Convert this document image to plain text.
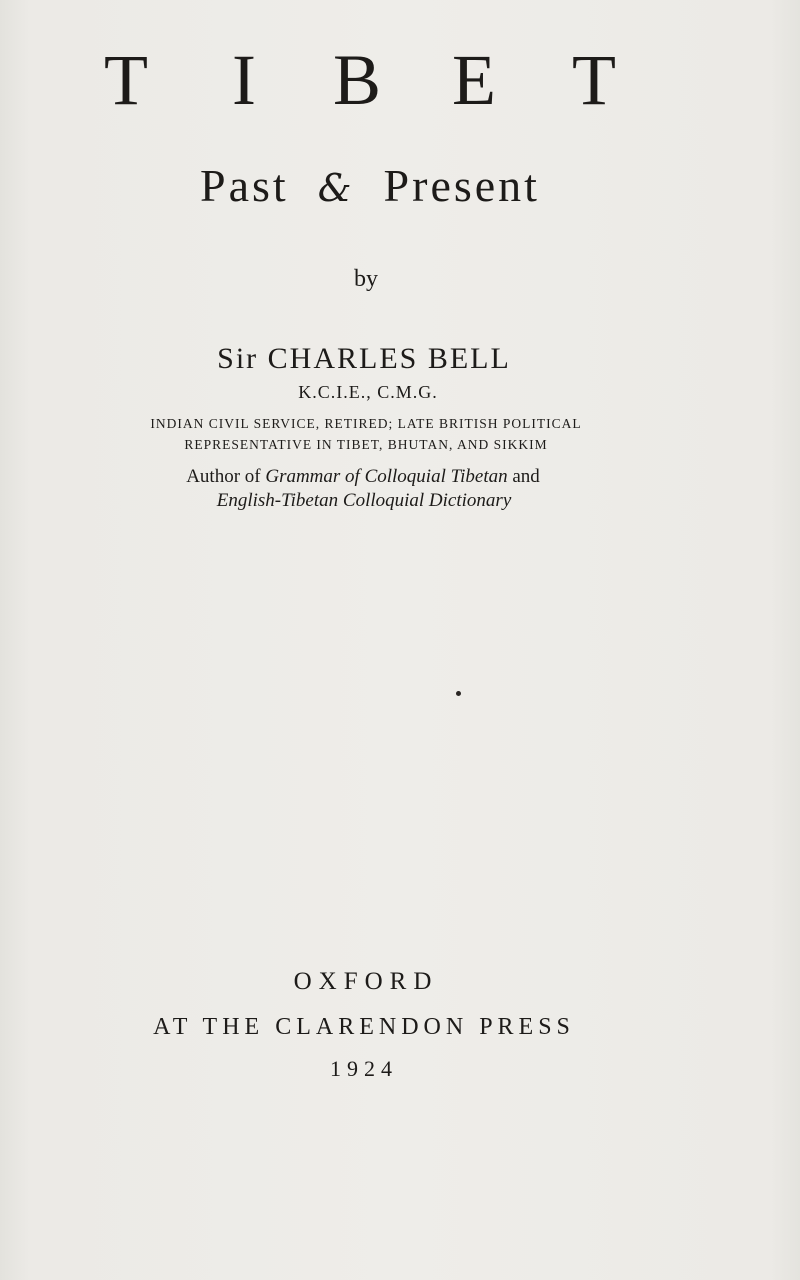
T I B E T
Past & Present
by
Sir CHARLES BELL
K.C.I.E., C.M.G.
INDIAN CIVIL SERVICE, RETIRED; LATE BRITISH POLITICAL
REPRESENTATIVE IN TIBET, BHUTAN, AND SIKKIM
Author of Grammar of Colloquial Tibetan and
English-Tibetan Colloquial Dictionary
OXFORD
AT THE CLARENDON PRESS
1924
